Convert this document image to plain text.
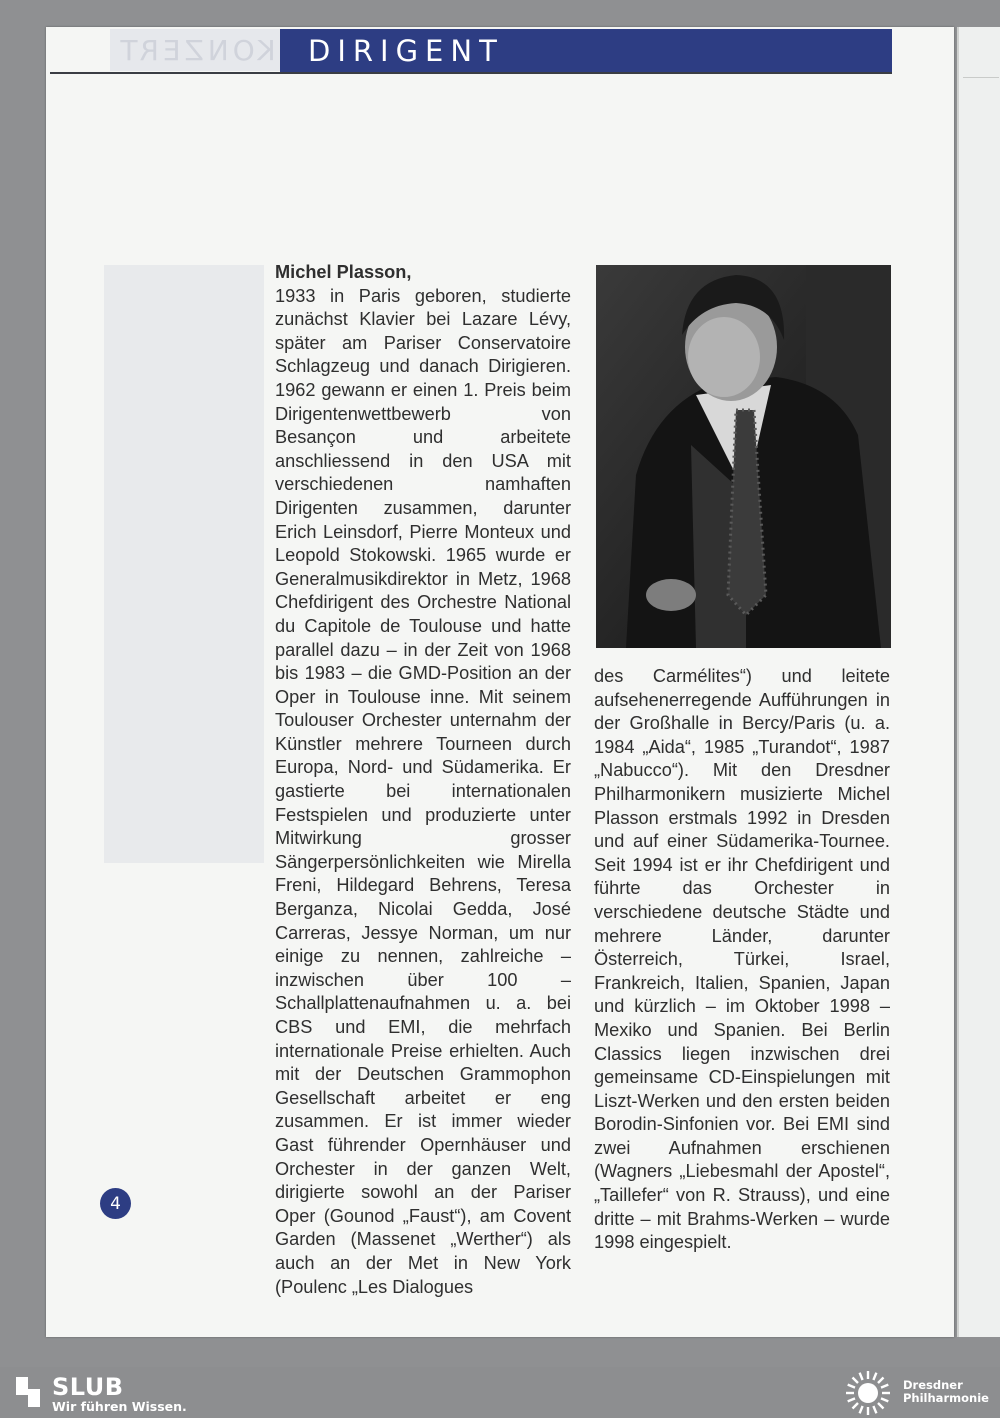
KONZERT	DIRIGENT
Michel Plasson,
1933 in Paris geboren, studierte zunächst Klavier bei Lazare Lévy, später am Pariser Conservatoire Schlagzeug und danach Dirigieren. 1962 gewann er einen 1. Preis beim Dirigentenwettbewerb von Besançon und arbeitete anschliessend in den USA mit verschiedenen namhaften Dirigenten zusammen, darunter Erich Leinsdorf, Pierre Monteux und Leopold Stokowski. 1965 wurde er Generalmusikdirektor in Metz, 1968 Chefdirigent des Orchestre National du Capitole de Toulouse und hatte parallel dazu – in der Zeit von 1968 bis 1983 – die GMD-Position an der Oper in Toulouse inne. Mit seinem Toulouser Orchester unternahm der Künstler mehrere Tourneen durch Europa, Nord- und Südamerika. Er gastierte bei internationalen Festspielen und produzierte unter Mitwirkung grosser Sängerpersönlichkeiten wie Mirella Freni, Hildegard Behrens, Teresa Berganza, Nicolai Gedda, José Carreras, Jessye Norman, um nur einige zu nennen, zahlreiche – inzwischen über 100 – Schallplattenaufnahmen u. a. bei CBS und EMI, die mehrfach internationale Preise erhielten. Auch mit der Deutschen Grammophon Gesellschaft arbeitet er eng zusammen. Er ist immer wieder Gast führender Opernhäuser und Orchester in der ganzen Welt, dirigierte sowohl an der Pariser Oper (Gounod „Faust“), am Covent Garden (Massenet „Werther“) als auch an der Met in New York (Poulenc „Les Dialogues
des Carmélites“) und leitete aufsehenerregende Aufführungen in der Großhalle in Bercy/Paris (u. a. 1984 „Aida“, 1985 „Turandot“, 1987 „Nabucco“). Mit den Dresdner Philharmonikern musizierte Michel Plasson erstmals 1992 in Dresden und auf einer Südamerika-Tournee. Seit 1994 ist er ihr Chefdirigent und führte das Orchester in verschiedene deutsche Städte und mehrere Länder, darunter Österreich, Türkei, Israel, Frankreich, Italien, Spanien, Japan und kürzlich – im Oktober 1998 – Mexiko und Spanien. Bei Berlin Classics liegen inzwischen drei gemeinsame CD-Einspielungen mit Liszt-Werken und den ersten beiden Borodin-Sinfonien vor. Bei EMI sind zwei Aufnahmen erschienen (Wagners „Liebesmahl der Apostel“, „Taillefer“ von R. Strauss), und eine dritte – mit Brahms-Werken – wurde 1998 eingespielt.
4
SLUB
Wir führen Wissen.
Dresdner
Philharmonie
